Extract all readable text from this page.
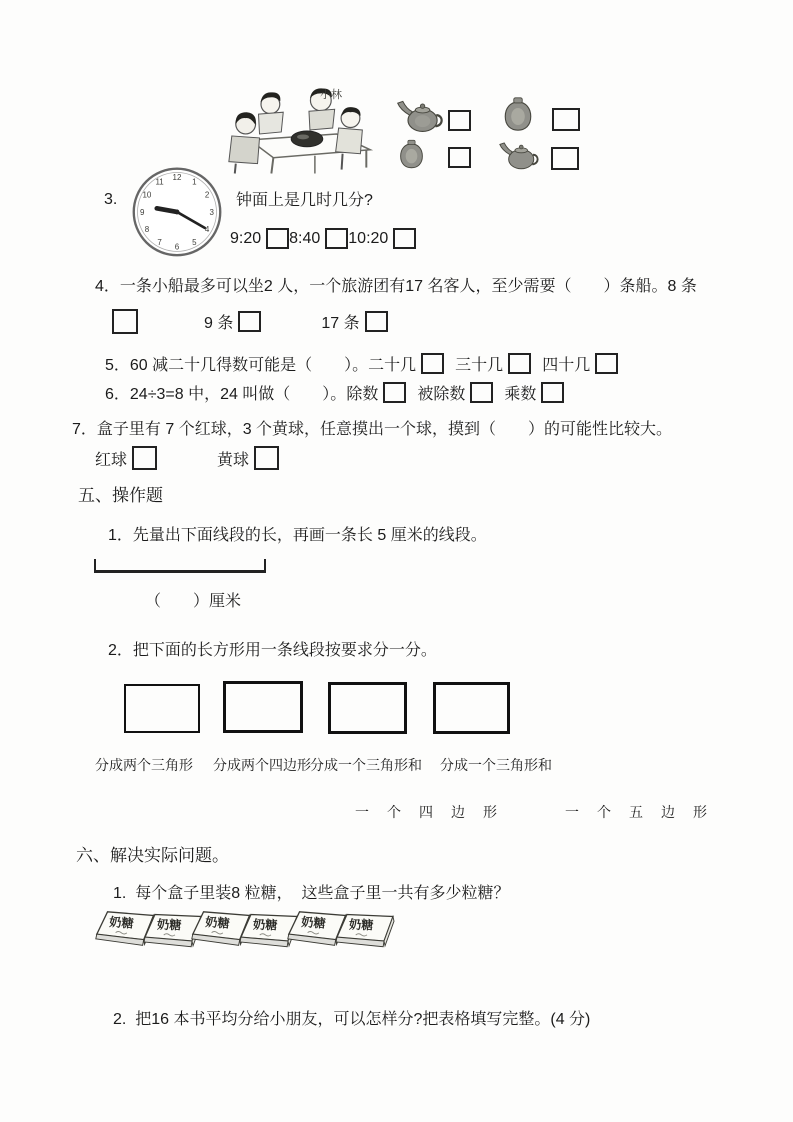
小林
3.
12
1
2
3
4
5
6
7
8
9
10
11
钟面上是几时几分?
9:20 8:40 10:20
4．一条小船最多可以坐2 人，一个旅游团有17 名客人，至少需要（　　）条船。8 条
9 条	17 条
5．60 减二十几得数可能是（　　）。 二十几 三十几 四十几
6．24÷3=8 中，24 叫做（　　）。 除数 被除数 乘数
7．盒子里有 7 个红球，3 个黄球，任意摸出一个球，摸到（　　）的可能性比较大。
红球	黄球
五、操作题
1．先量出下面线段的长，再画一条长 5 厘米的线段。
（　　）厘米
2．把下面的长方形用一条线段按要求分一分。
分成两个三角形 分成两个四边形 分成一个三角形和 分成一个三角形和
一个四边形	一个五边形
六、解决实际问题。
1.  每个盒子里装8 粒糖，  这些盒子里一共有多少粒糖？
奶糖 奶糖 奶糖 奶糖 奶糖 奶糖
2.  把16 本书平均分给小朋友，可以怎样分?把表格填写完整。(4 分)
